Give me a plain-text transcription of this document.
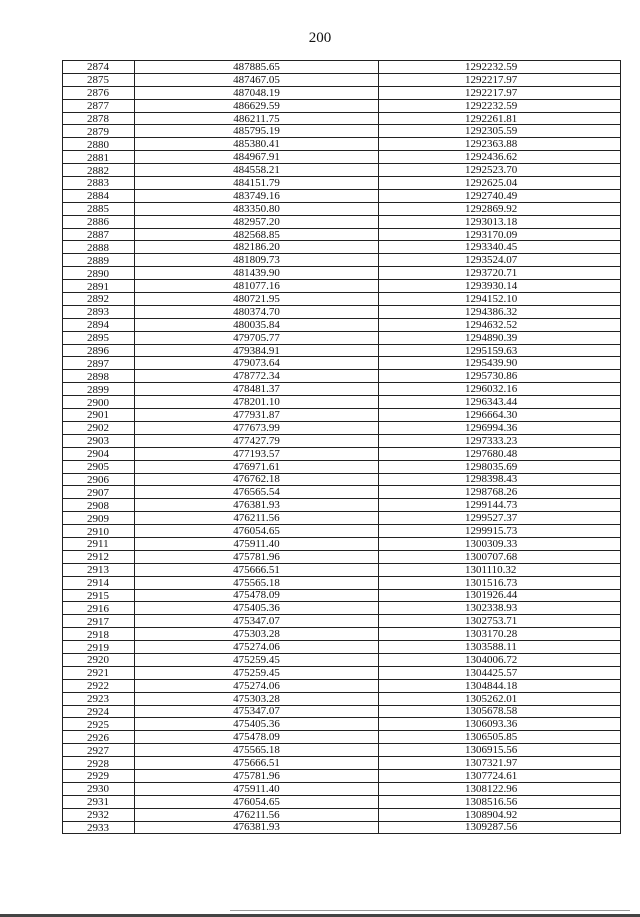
200
2874	487885.65	1292232.59
2875	487467.05	1292217.97
2876	487048.19	1292217.97
2877	486629.59	1292232.59
2878	486211.75	1292261.81
2879	485795.19	1292305.59
2880	485380.41	1292363.88
2881	484967.91	1292436.62
2882	484558.21	1292523.70
2883	484151.79	1292625.04
2884	483749.16	1292740.49
2885	483350.80	1292869.92
2886	482957.20	1293013.18
2887	482568.85	1293170.09
2888	482186.20	1293340.45
2889	481809.73	1293524.07
2890	481439.90	1293720.71
2891	481077.16	1293930.14
2892	480721.95	1294152.10
2893	480374.70	1294386.32
2894	480035.84	1294632.52
2895	479705.77	1294890.39
2896	479384.91	1295159.63
2897	479073.64	1295439.90
2898	478772.34	1295730.86
2899	478481.37	1296032.16
2900	478201.10	1296343.44
2901	477931.87	1296664.30
2902	477673.99	1296994.36
2903	477427.79	1297333.23
2904	477193.57	1297680.48
2905	476971.61	1298035.69
2906	476762.18	1298398.43
2907	476565.54	1298768.26
2908	476381.93	1299144.73
2909	476211.56	1299527.37
2910	476054.65	1299915.73
2911	475911.40	1300309.33
2912	475781.96	1300707.68
2913	475666.51	1301110.32
2914	475565.18	1301516.73
2915	475478.09	1301926.44
2916	475405.36	1302338.93
2917	475347.07	1302753.71
2918	475303.28	1303170.28
2919	475274.06	1303588.11
2920	475259.45	1304006.72
2921	475259.45	1304425.57
2922	475274.06	1304844.18
2923	475303.28	1305262.01
2924	475347.07	1305678.58
2925	475405.36	1306093.36
2926	475478.09	1306505.85
2927	475565.18	1306915.56
2928	475666.51	1307321.97
2929	475781.96	1307724.61
2930	475911.40	1308122.96
2931	476054.65	1308516.56
2932	476211.56	1308904.92
2933	476381.93	1309287.56
